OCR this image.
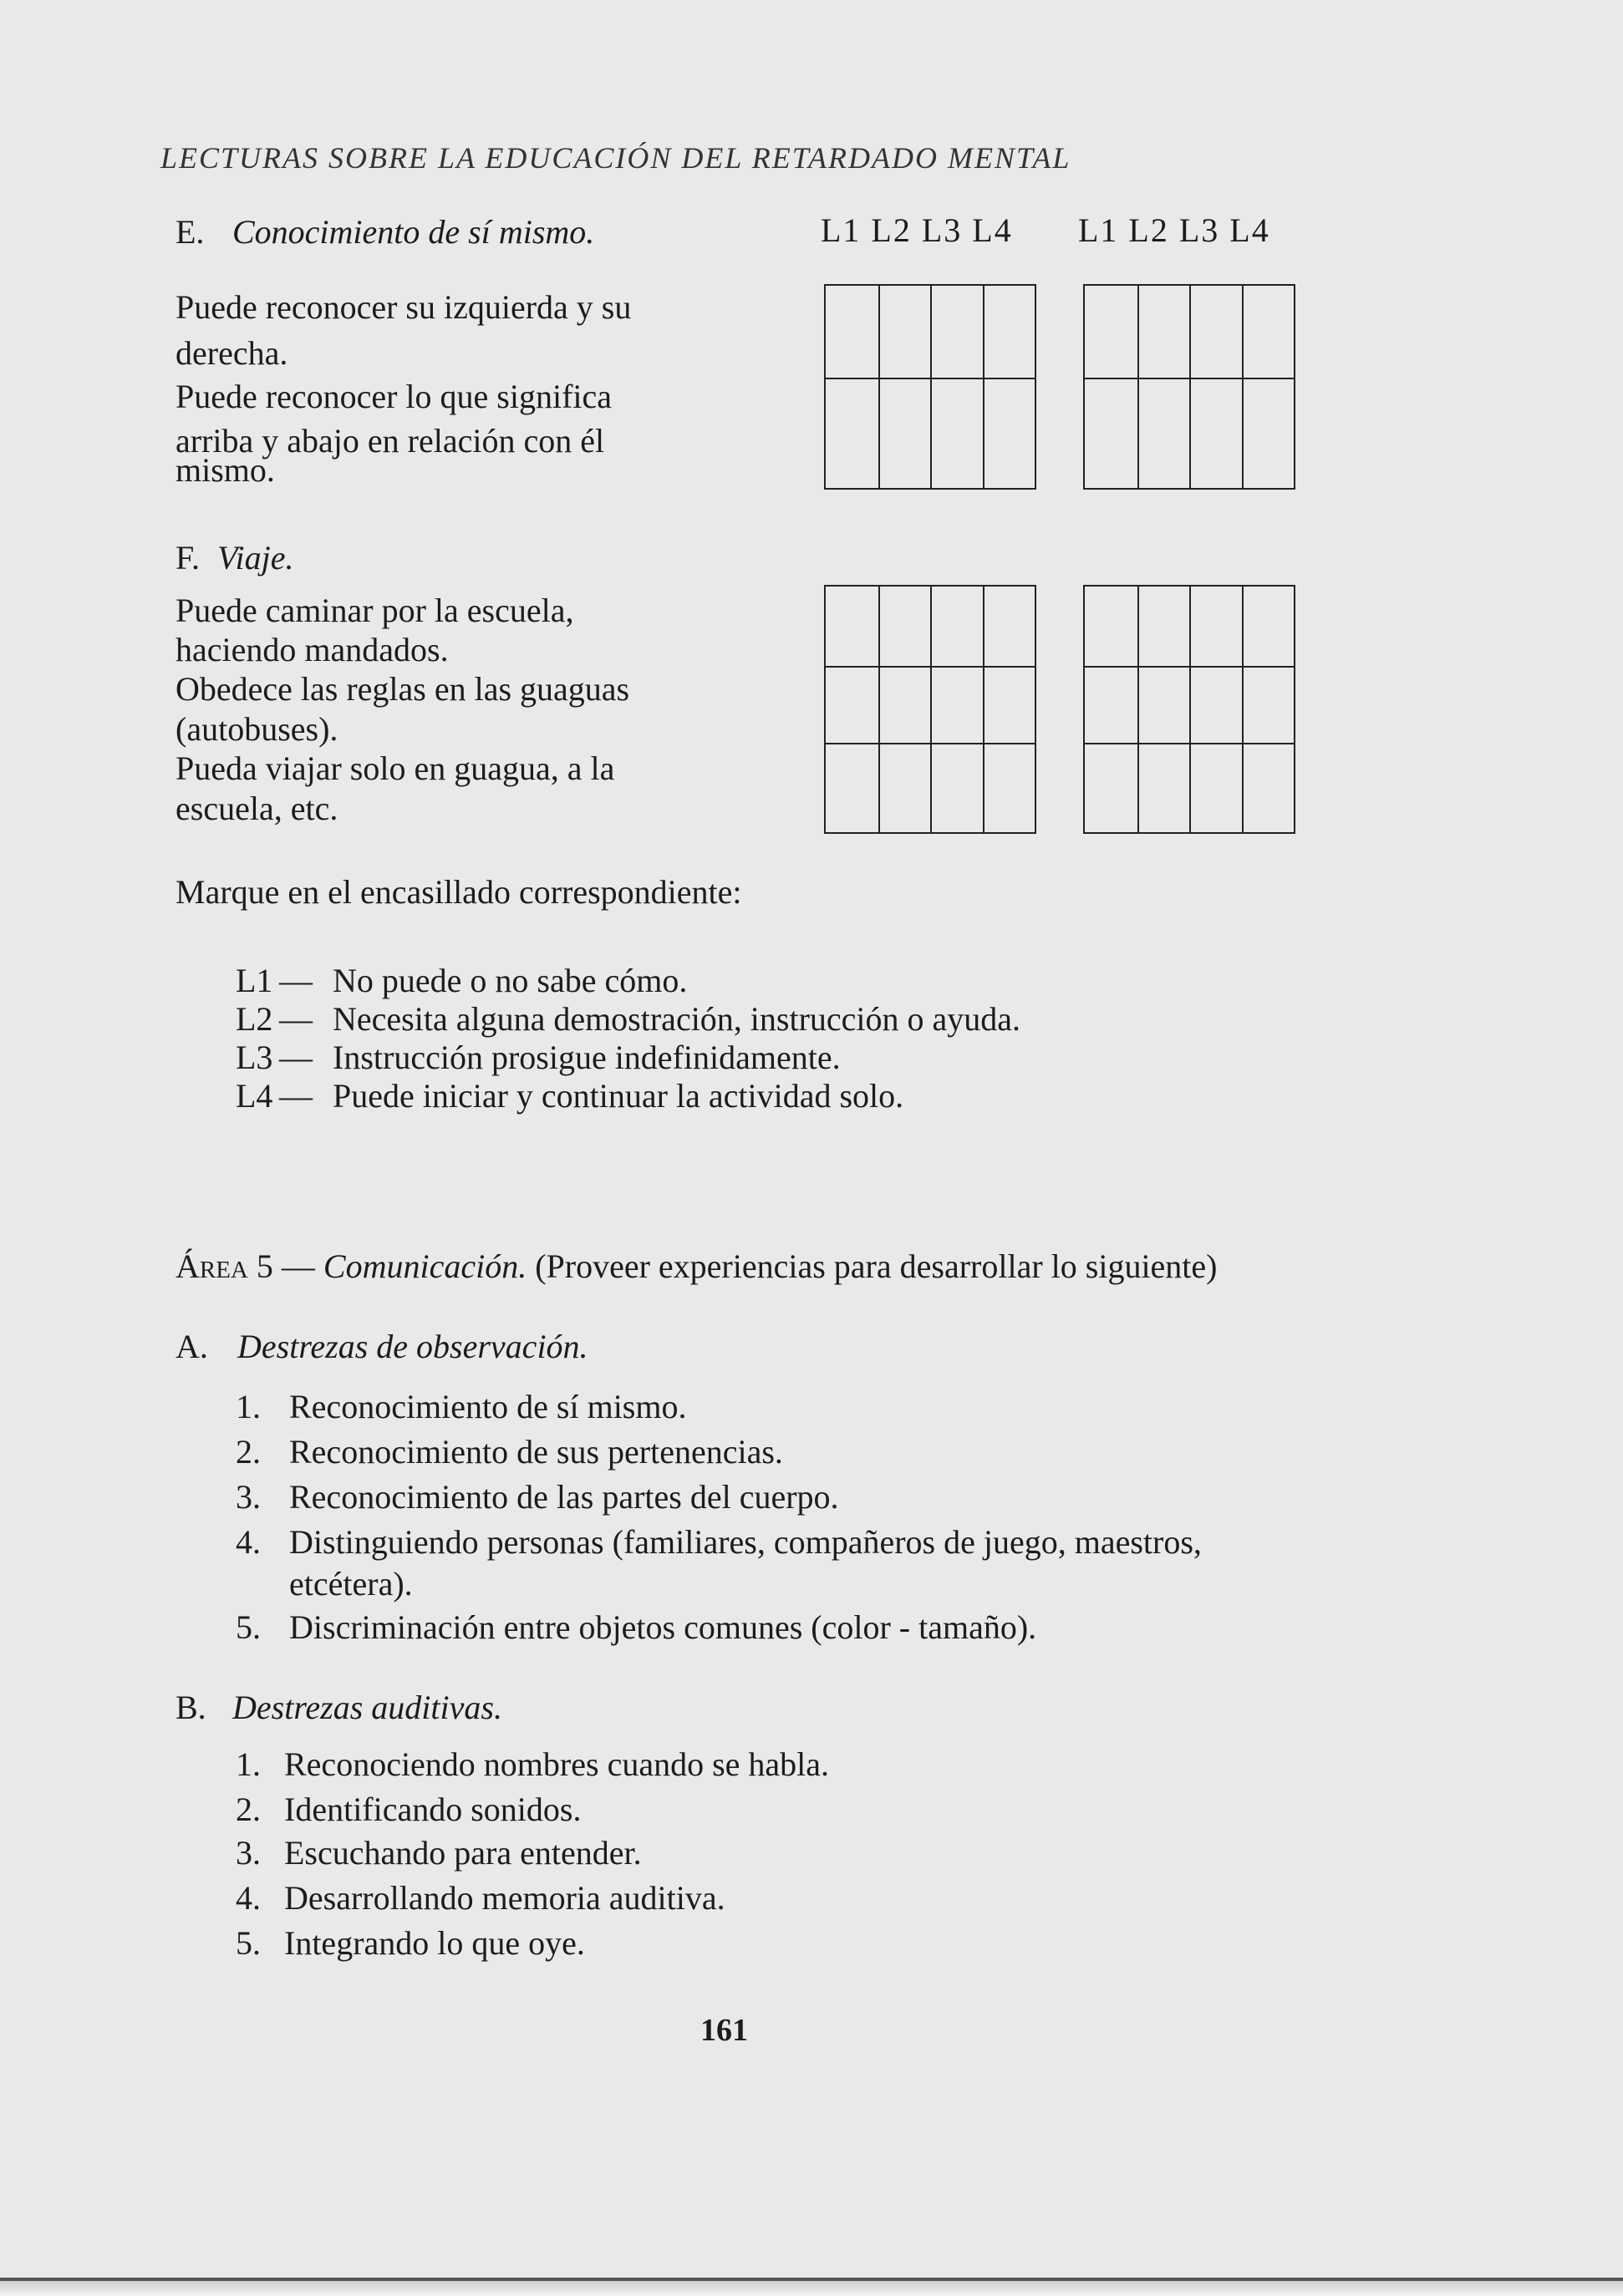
LECTURAS SOBRE LA EDUCACIÓN DEL RETARDADO MENTAL
E. Conocimiento de sí mismo.	L1 L2 L3 L4 L1 L2 L3 L4
Puede reconocer su izquierda y su
derecha.
Puede reconocer lo que significa
arriba y abajo en relación con él
mismo.
F. Viaje.
Puede caminar por la escuela,
haciendo mandados.
Obedece las reglas en las guaguas
(autobuses).
Pueda viajar solo en guagua, a la
escuela, etc.
Marque en el encasillado correspondiente:
L1 — No puede o no sabe cómo.
L2 — Necesita alguna demostración, instrucción o ayuda.
L3 — Instrucción prosigue indefinidamente.
L4 — Puede iniciar y continuar la actividad solo.
ÁREA 5 — Comunicación. (Proveer experiencias para desarrollar lo siguiente)
A. Destrezas de observación.
1. Reconocimiento de sí mismo.
2. Reconocimiento de sus pertenencias.
3. Reconocimiento de las partes del cuerpo.
4. Distinguiendo personas (familiares, compañeros de juego, maestros,
etcétera).
5. Discriminación entre objetos comunes (color - tamaño).
B. Destrezas auditivas.
1. Reconociendo nombres cuando se habla.
2. Identificando sonidos.
3. Escuchando para entender.
4. Desarrollando memoria auditiva.
5. Integrando lo que oye.
161
